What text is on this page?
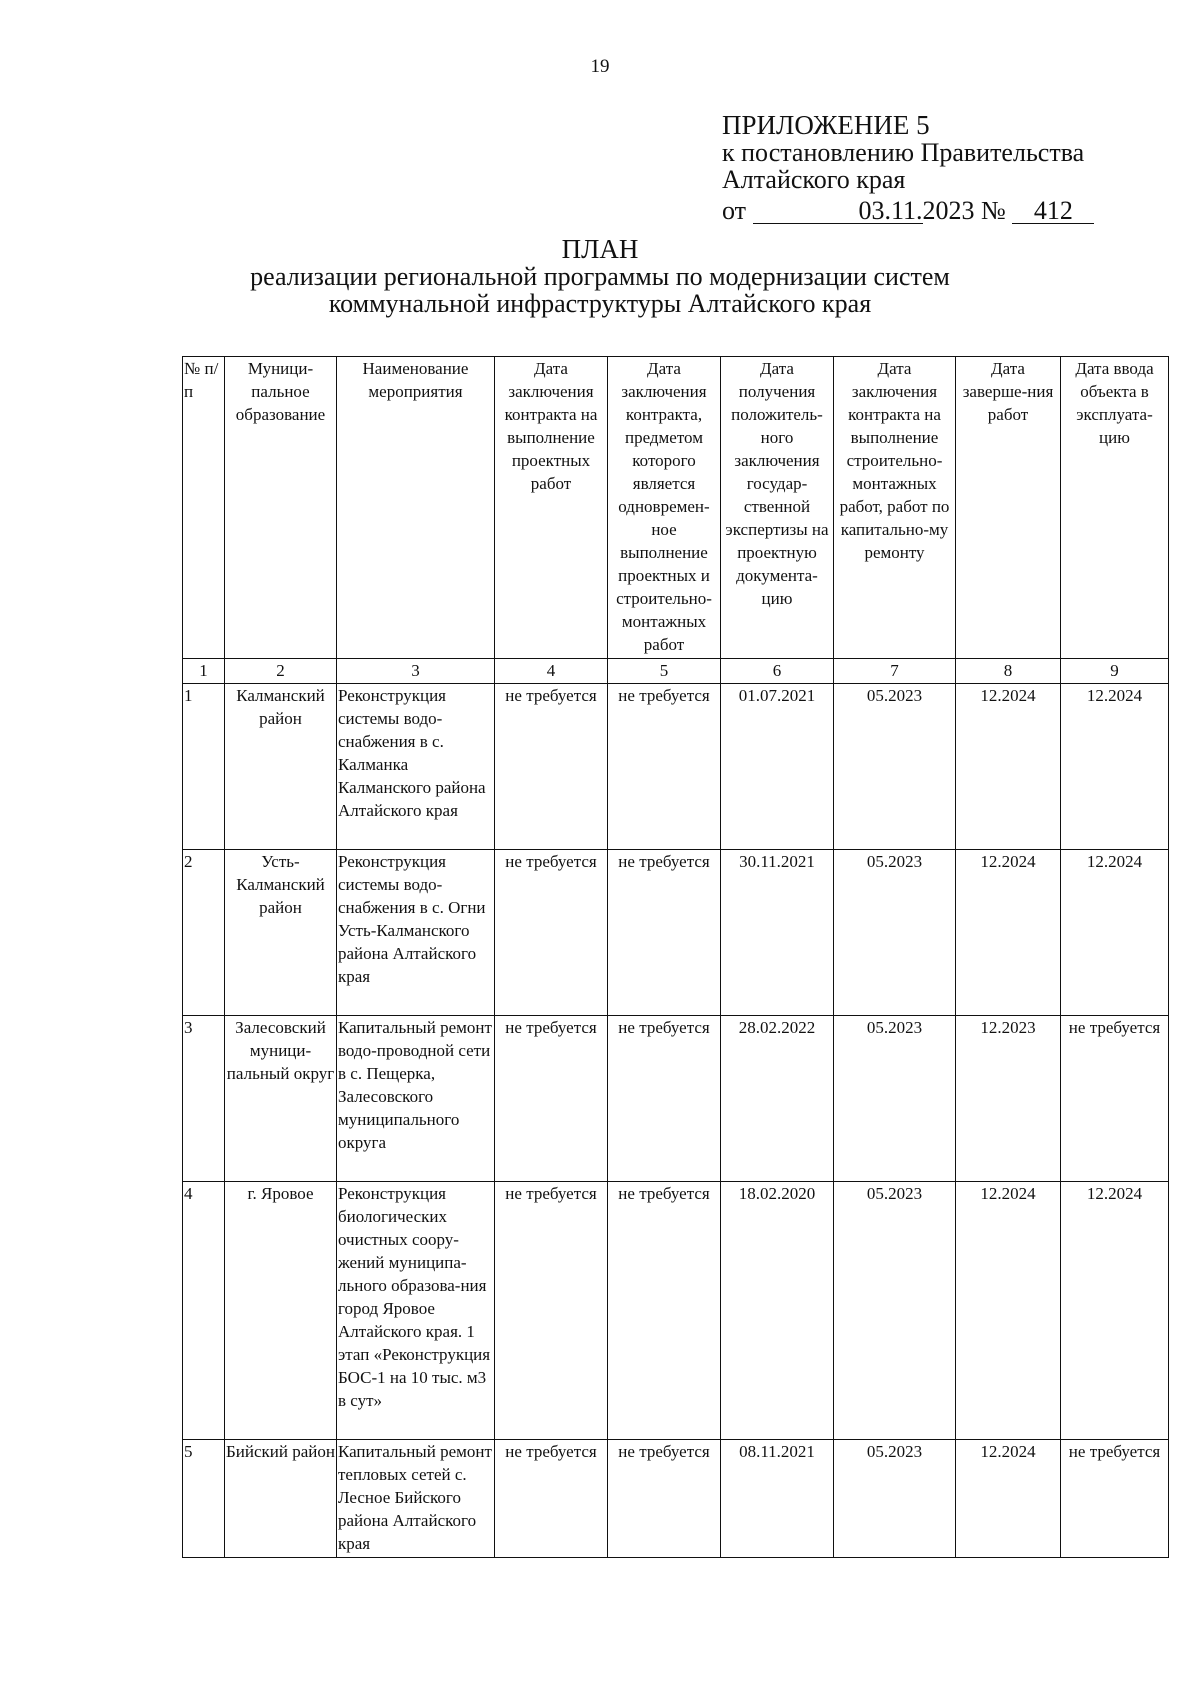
19
ПРИЛОЖЕНИЕ 5
к постановлению Правительства
Алтайского края
от	03.11.2023 № 412
ПЛАН
реализации региональной программы по модернизации систем
коммунальной инфраструктуры Алтайского края
№ п/п	Муници-пальное образование	Наименование мероприятия	Дата заключения контракта на выполнение проектных работ	Дата заключения контракта, предметом которого является одновремен-ное выполнение проектных и строительно-монтажных работ	Дата получения положитель-ного заключения государ-ственной экспертизы на проектную документа-цию	Дата заключения контракта на выполнение строительно-монтажных работ, работ по капитально-му ремонту	Дата заверше-ния работ	Дата ввода объекта в эксплуата-цию
1	2	3	4	5	6	7	8	9
1	Калманский район	Реконструкция системы водо-снабжения в с. Калманка Калманского района Алтайского края	не требуется	не требуется	01.07.2021	05.2023	12.2024	12.2024
2	Усть-Калманский район	Реконструкция системы водо-снабжения в с. Огни Усть-Калманского района Алтайского края	не требуется	не требуется	30.11.2021	05.2023	12.2024	12.2024
3	Залесовский муници-пальный округ	Капитальный ремонт водо-проводной сети в с. Пещерка, Залесовского муниципального округа	не требуется	не требуется	28.02.2022	05.2023	12.2023	не требуется
4	г. Яровое	Реконструкция биологических очистных соору-жений муниципа-льного образова-ния город Яровое Алтайского края. 1 этап «Реконструкция БОС-1 на 10 тыс. м3 в сут»	не требуется	не требуется	18.02.2020	05.2023	12.2024	12.2024
5	Бийский район	Капитальный ремонт тепловых сетей с. Лесное Бийского района Алтайского края	не требуется	не требуется	08.11.2021	05.2023	12.2024	не требуется
